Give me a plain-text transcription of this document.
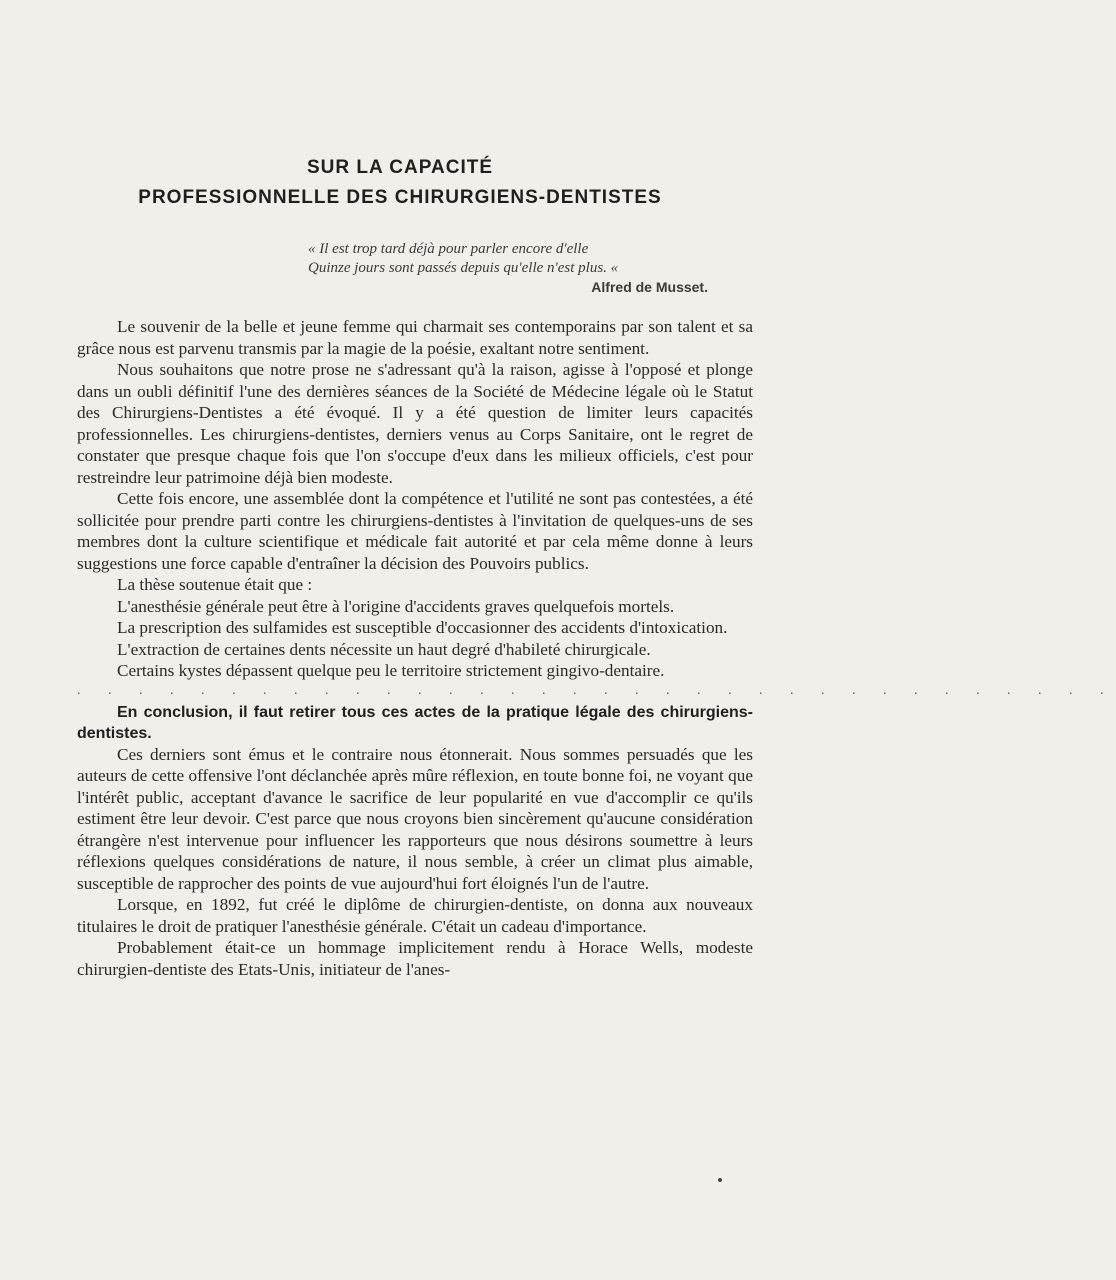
SUR LA CAPACITÉ
PROFESSIONNELLE DES CHIRURGIENS-DENTISTES
« Il est trop tard déjà pour parler encore d'elle
Quinze jours sont passés depuis qu'elle n'est plus. «
Alfred de Musset.

Le souvenir de la belle et jeune femme qui charmait ses contemporains par son talent et sa grâce nous est parvenu transmis par la magie de la poésie, exaltant notre sentiment.

Nous souhaitons que notre prose ne s'adressant qu'à la raison, agisse à l'opposé et plonge dans un oubli définitif l'une des dernières séances de la Société de Médecine légale où le Statut des Chirurgiens-Dentistes a été évoqué. Il y a été question de limiter leurs capacités professionnelles. Les chirurgiens-dentistes, derniers venus au Corps Sanitaire, ont le regret de constater que presque chaque fois que l'on s'occupe d'eux dans les milieux officiels, c'est pour restreindre leur patrimoine déjà bien modeste.

Cette fois encore, une assemblée dont la compétence et l'utilité ne sont pas contestées, a été sollicitée pour prendre parti contre les chirurgiens-dentistes à l'invitation de quelques-uns de ses membres dont la culture scientifique et médicale fait autorité et par cela même donne à leurs suggestions une force capable d'entraîner la décision des Pouvoirs publics.

La thèse soutenue était que :

L'anesthésie générale peut être à l'origine d'accidents graves quelquefois mortels.

La prescription des sulfamides est susceptible d'occasionner des accidents d'intoxication.

L'extraction de certaines dents nécessite un haut degré d'habileté chirurgicale.

Certains kystes dépassent quelque peu le territoire strictement gingivo-dentaire.

. . . . . . . . . . . . . . . . . . . . . . . . . . . . . . . . . .

En conclusion, il faut retirer tous ces actes de la pratique légale des chirurgiens-dentistes.

Ces derniers sont émus et le contraire nous étonnerait. Nous sommes persuadés que les auteurs de cette offensive l'ont déclanchée après mûre réflexion, en toute bonne foi, ne voyant que l'intérêt public, acceptant d'avance le sacrifice de leur popularité en vue d'accomplir ce qu'ils estiment être leur devoir. C'est parce que nous croyons bien sincèrement qu'aucune considération étrangère n'est intervenue pour influencer les rapporteurs que nous désirons soumettre à leurs réflexions quelques considérations de nature, il nous semble, à créer un climat plus aimable, susceptible de rapprocher des points de vue aujourd'hui fort éloignés l'un de l'autre.

Lorsque, en 1892, fut créé le diplôme de chirurgien-dentiste, on donna aux nouveaux titulaires le droit de pratiquer l'anesthésie générale. C'était un cadeau d'importance.

Probablement était-ce un hommage implicitement rendu à Horace Wells, modeste chirurgien-dentiste des Etats-Unis, initiateur de l'anes-
